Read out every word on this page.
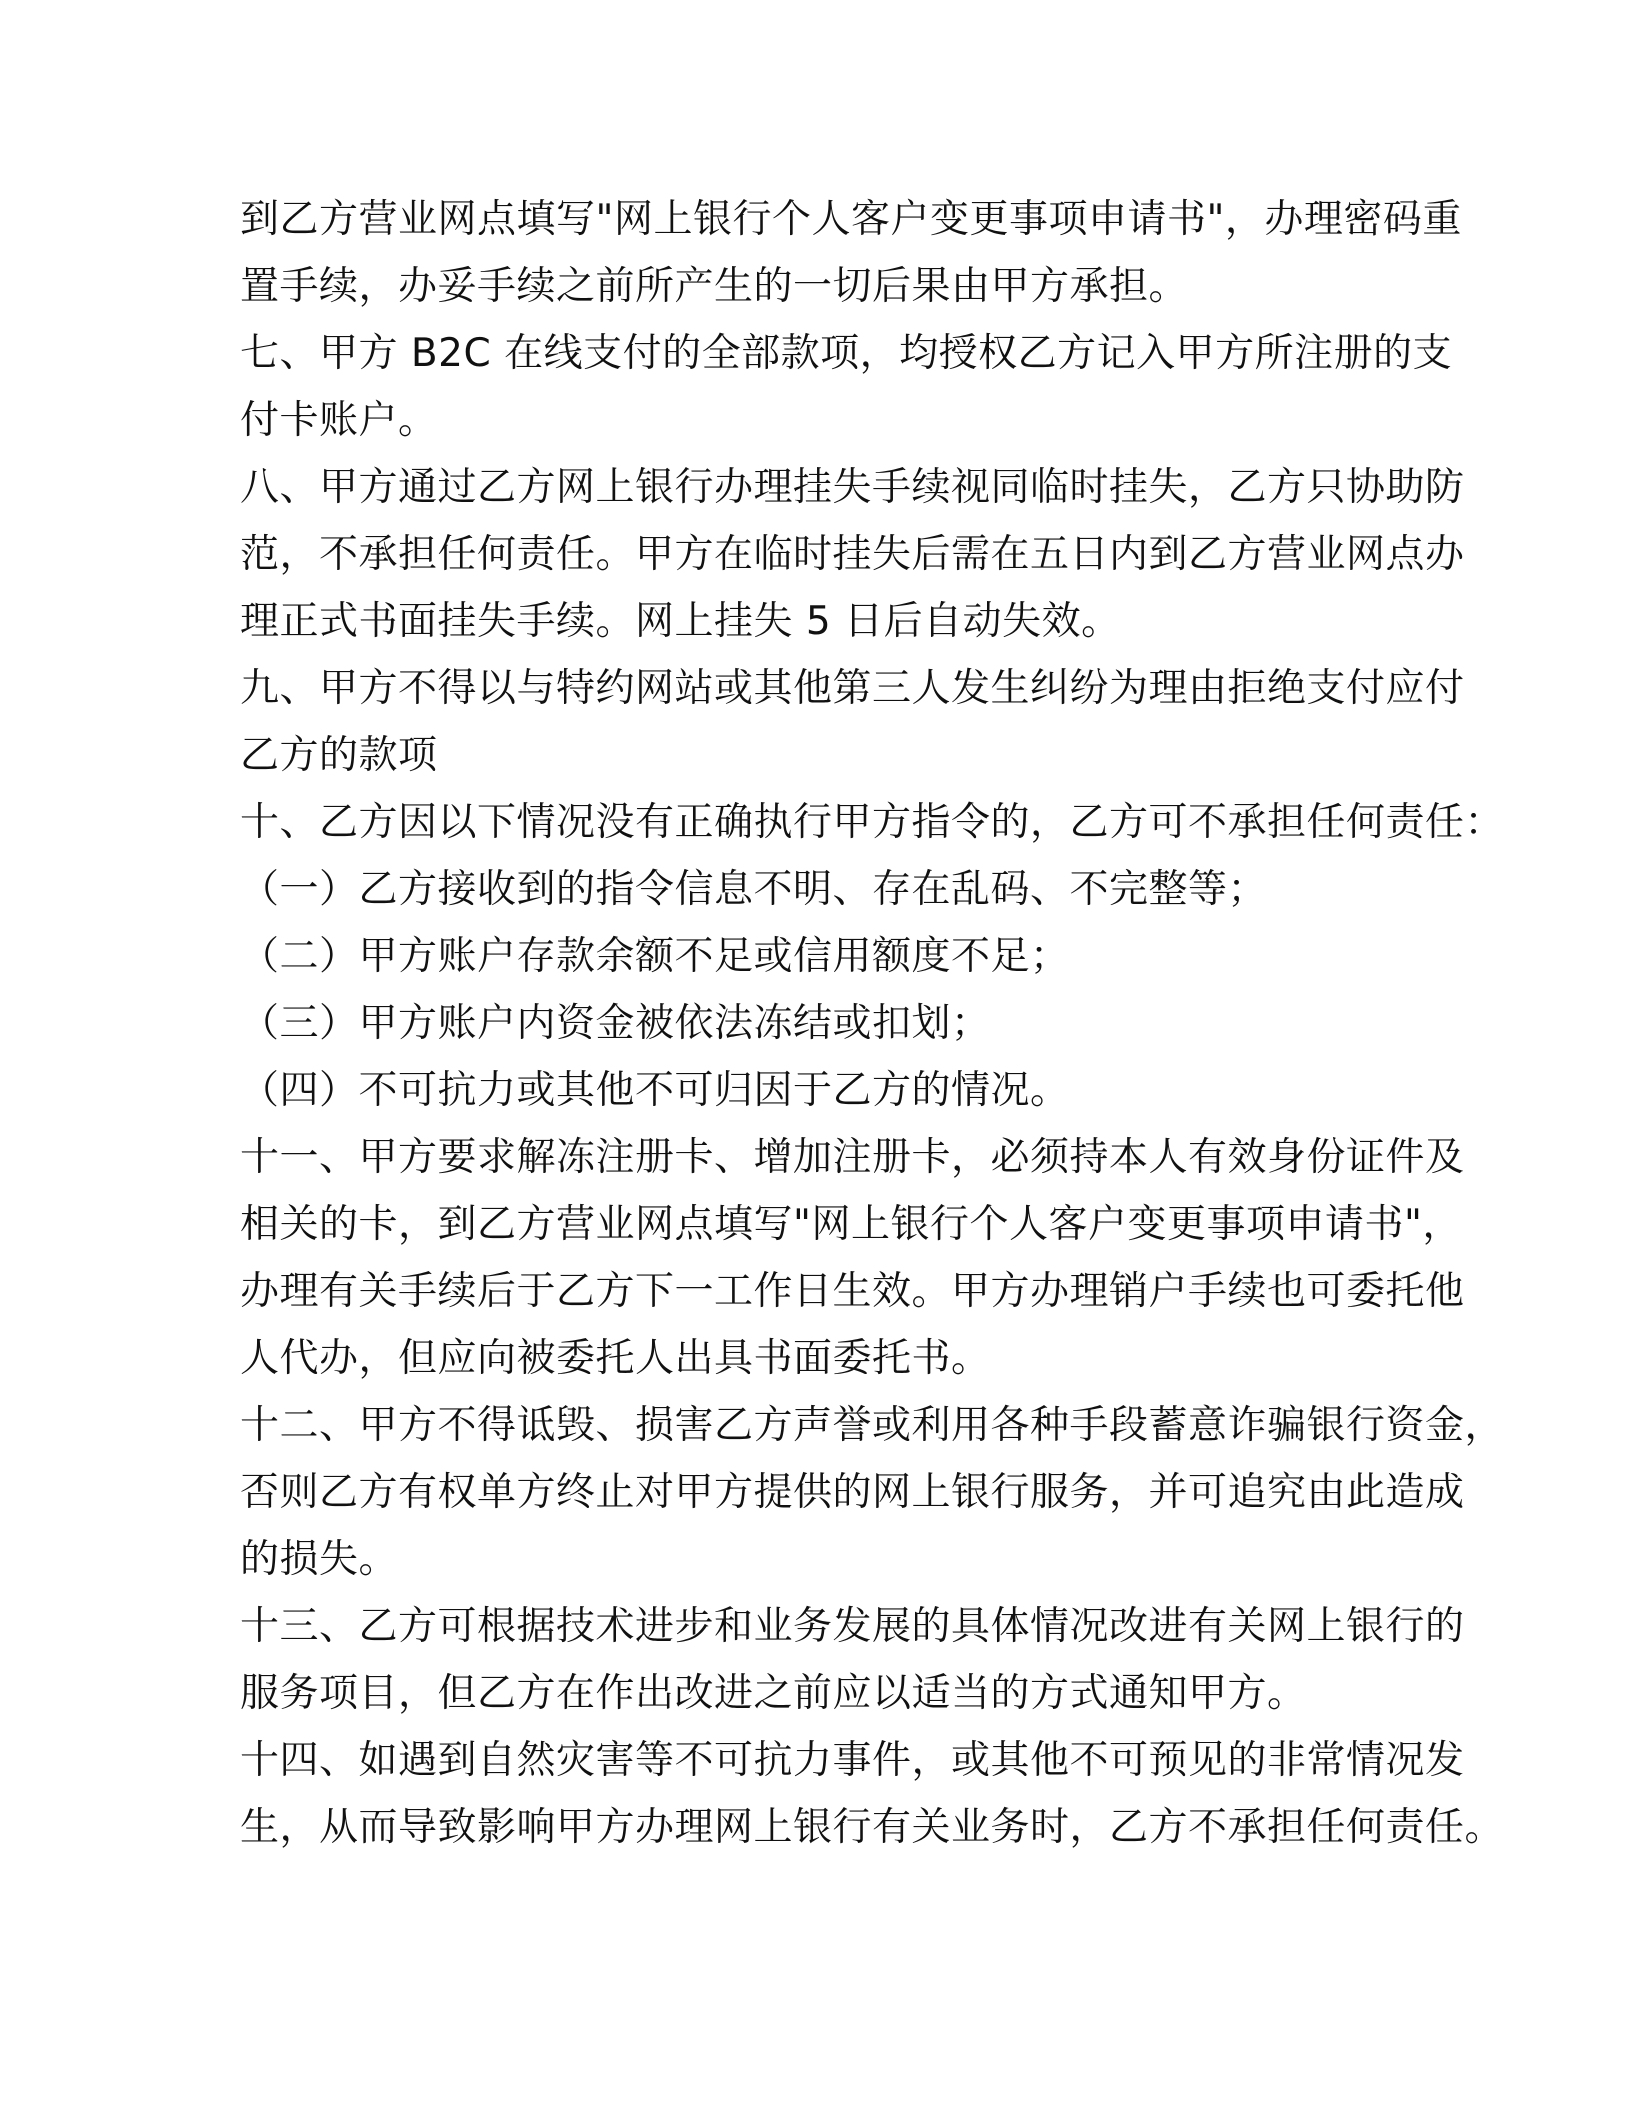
到乙方营业网点填写"网上银行个人客户变更事项申请书"，办理密码重
置手续，办妥手续之前所产生的一切后果由甲方承担。
七、甲方 B2C 在线支付的全部款项，均授权乙方记入甲方所注册的支
付卡账户。
八、甲方通过乙方网上银行办理挂失手续视同临时挂失，乙方只协助防
范，不承担任何责任。甲方在临时挂失后需在五日内到乙方营业网点办
理正式书面挂失手续。网上挂失 5 日后自动失效。
九、甲方不得以与特约网站或其他第三人发生纠纷为理由拒绝支付应付
乙方的款项
十、乙方因以下情况没有正确执行甲方指令的，乙方可不承担任何责任：
（一）乙方接收到的指令信息不明、存在乱码、不完整等；
（二）甲方账户存款余额不足或信用额度不足；
（三）甲方账户内资金被依法冻结或扣划；
（四）不可抗力或其他不可归因于乙方的情况。
十一、甲方要求解冻注册卡、增加注册卡，必须持本人有效身份证件及
相关的卡，到乙方营业网点填写"网上银行个人客户变更事项申请书"，
办理有关手续后于乙方下一工作日生效。甲方办理销户手续也可委托他
人代办，但应向被委托人出具书面委托书。
十二、甲方不得诋毁、损害乙方声誉或利用各种手段蓄意诈骗银行资金，
否则乙方有权单方终止对甲方提供的网上银行服务，并可追究由此造成
的损失。
十三、乙方可根据技术进步和业务发展的具体情况改进有关网上银行的
服务项目，但乙方在作出改进之前应以适当的方式通知甲方。
十四、如遇到自然灾害等不可抗力事件，或其他不可预见的非常情况发
生，从而导致影响甲方办理网上银行有关业务时，乙方不承担任何责任。
